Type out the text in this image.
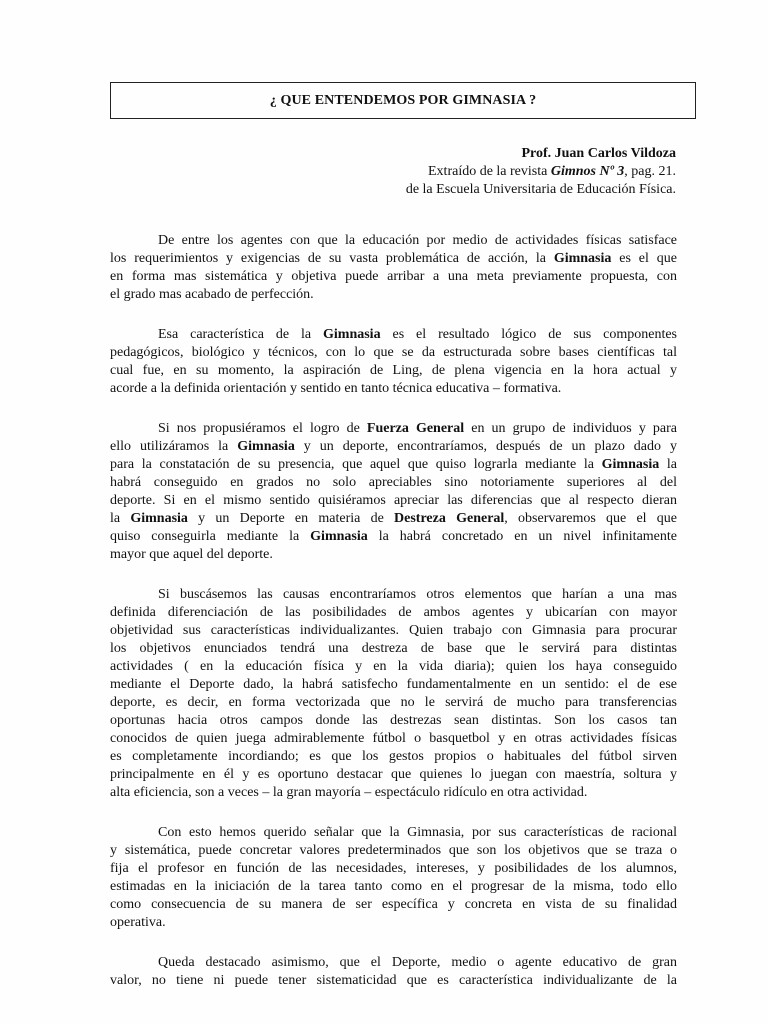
¿ QUE ENTENDEMOS POR GIMNASIA ?
Prof. Juan Carlos Vildoza
Extraído de la revista Gimnos Nº 3, pag. 21.
de la Escuela Universitaria de Educación Física.
De entre los agentes con que la educación por medio de actividades físicas satisface
los requerimientos y exigencias de su vasta problemática de acción, la Gimnasia es el que
en forma mas sistemática y objetiva puede arribar a una meta previamente propuesta, con
el grado mas acabado de perfección.
Esa característica de la Gimnasia es el resultado lógico de sus componentes
pedagógicos, biológico y técnicos, con lo que se da estructurada sobre bases científicas tal
cual fue, en su momento, la aspiración de Ling, de plena vigencia en la hora actual y
acorde a la definida orientación y sentido en tanto técnica educativa – formativa.
Si nos propusiéramos el logro de Fuerza General en un grupo de individuos y para
ello utilizáramos la Gimnasia y un deporte, encontraríamos, después de un plazo dado y
para la constatación de su presencia, que aquel que quiso lograrla mediante la Gimnasia la
habrá conseguido en grados no solo apreciables sino notoriamente superiores al del
deporte. Si en el mismo sentido quisiéramos apreciar las diferencias que al respecto dieran
la Gimnasia y un Deporte en materia de Destreza General, observaremos que el que
quiso conseguirla mediante la Gimnasia la habrá concretado en un nivel infinitamente
mayor que aquel del deporte.
Si buscásemos las causas encontraríamos otros elementos que harían a una mas
definida diferenciación de las posibilidades de ambos agentes y ubicarían con mayor
objetividad sus características individualizantes. Quien trabajo con Gimnasia para procurar
los objetivos enunciados tendrá una destreza de base que le servirá para distintas
actividades ( en la educación física y en la vida diaria); quien los haya conseguido
mediante el Deporte dado, la habrá satisfecho fundamentalmente en un sentido: el de ese
deporte, es decir, en forma vectorizada que no le servirá de mucho para transferencias
oportunas hacia otros campos donde las destrezas sean distintas. Son los casos tan
conocidos de quien juega admirablemente fútbol o basquetbol y en otras actividades físicas
es completamente incordiando; es que los gestos propios o habituales del fútbol sirven
principalmente en él y es oportuno destacar que quienes lo juegan con maestría, soltura y
alta eficiencia, son a veces – la gran mayoría – espectáculo ridículo en otra actividad.
Con esto hemos querido señalar que la Gimnasia, por sus características de racional
y sistemática, puede concretar valores predeterminados que son los objetivos que se traza o
fija el profesor en función de las necesidades, intereses, y posibilidades de los alumnos,
estimadas en la iniciación de la tarea tanto como en el progresar de la misma, todo ello
como consecuencia de su manera de ser específica y concreta en vista de su finalidad
operativa.
Queda destacado asimismo, que el Deporte, medio o agente educativo de gran
valor, no tiene ni puede tener sistematicidad que es característica individualizante de la
